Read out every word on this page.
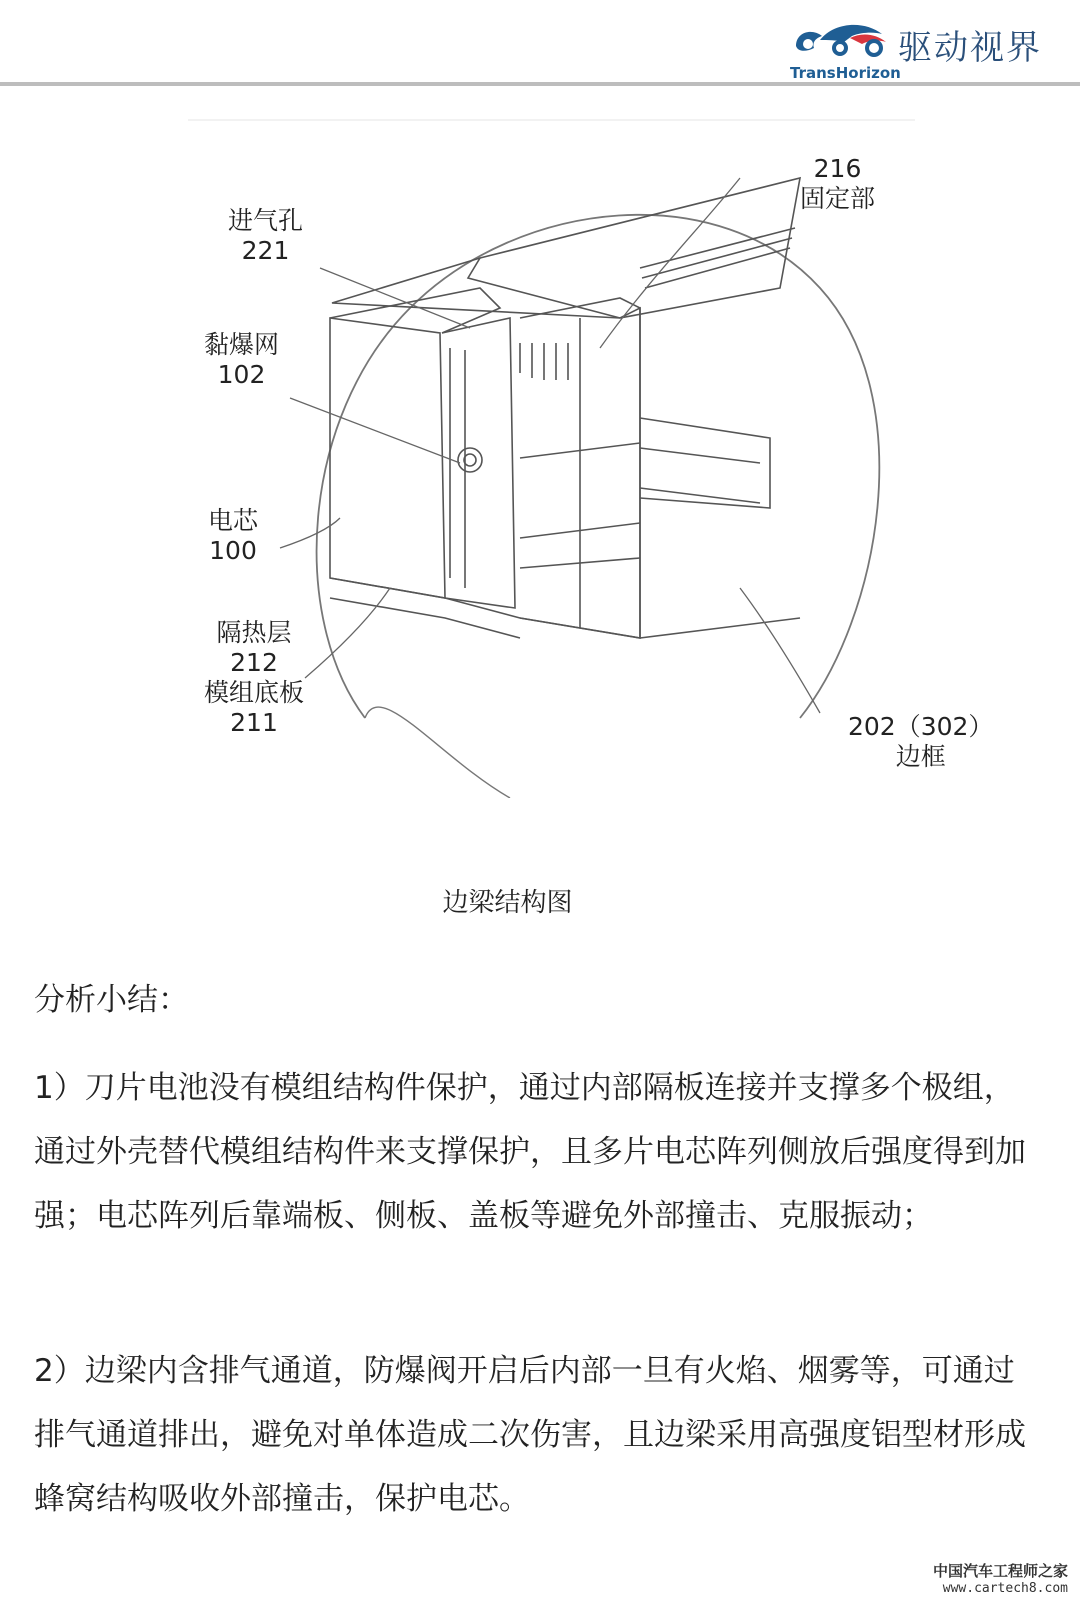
TransHorizon
驱动视界
216
固定部
进气孔
221
黏爆网
102
电芯
100
隔热层
212
模组底板
211	202（302）
边框
边梁结构图
分析小结：
1）刀片电池没有模组结构件保护，通过内部隔板连接并支撑多个极组，通过外壳替代模组结构件来支撑保护，且多片电芯阵列侧放后强度得到加强；电芯阵列后靠端板、侧板、盖板等避免外部撞击、克服振动；
2）边梁内含排气通道，防爆阀开启后内部一旦有火焰、烟雾等，可通过排气通道排出，避免对单体造成二次伤害，且边梁采用高强度铝型材形成蜂窝结构吸收外部撞击，保护电芯。
中国汽车工程师之家
www.cartech8.com
